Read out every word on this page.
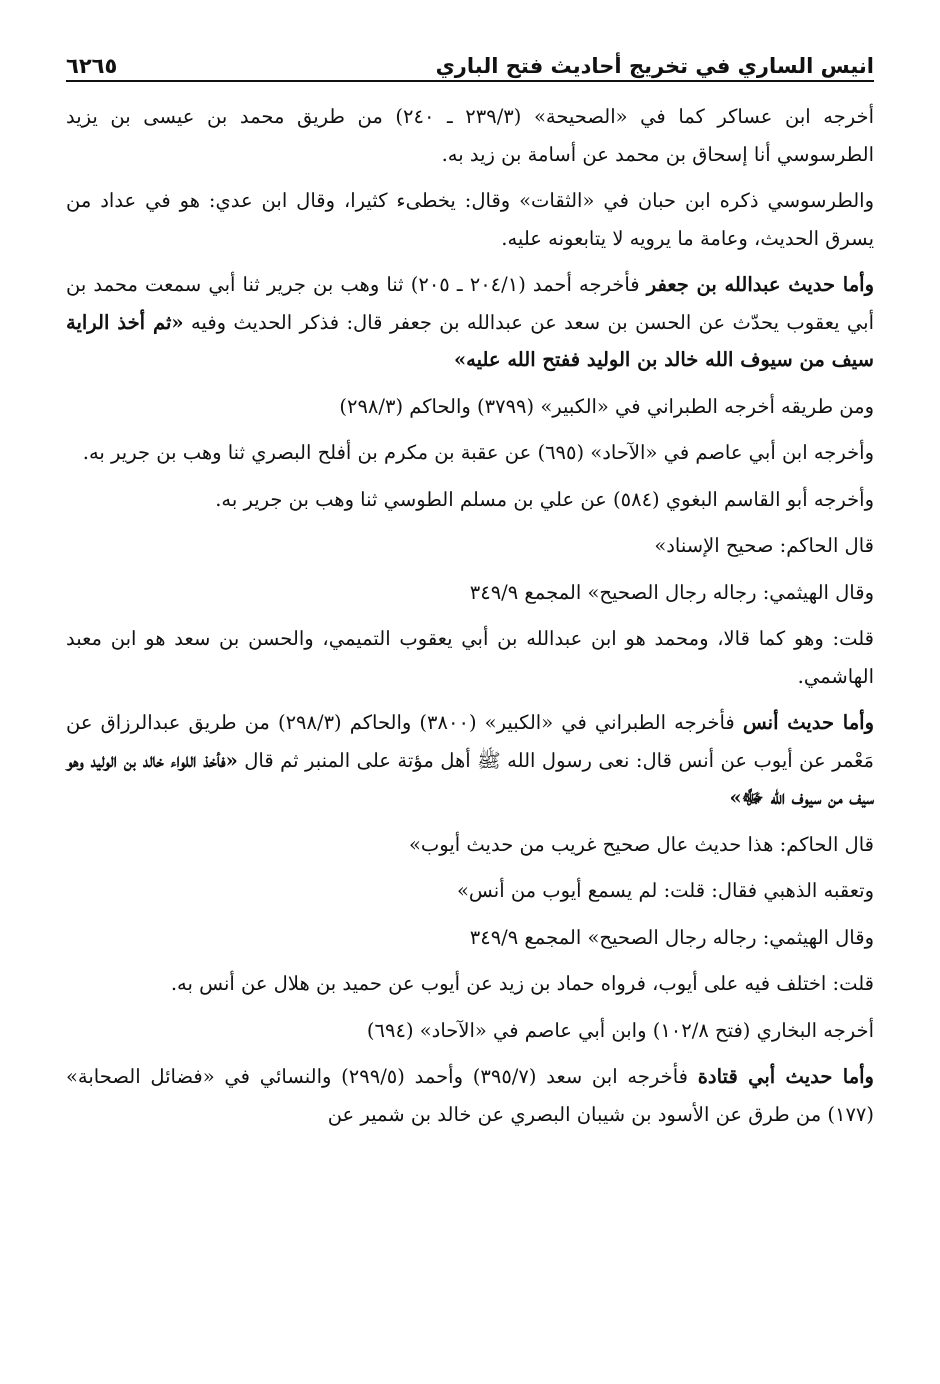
انيس الساري في تخريج أحاديث فتح الباري
٦٢٦٥

أخرجه ابن عساكر كما في «الصحيحة» (٢٣٩/٣ ـ ٢٤٠) من طريق محمد بن عيسى بن يزيد الطرسوسي أنا إسحاق بن محمد عن أسامة بن زيد به.

والطرسوسي ذكره ابن حبان في «الثقات» وقال: يخطىء كثيرا، وقال ابن عدي: هو في عداد من يسرق الحديث، وعامة ما يرويه لا يتابعونه عليه.

وأما حديث عبدالله بن جعفر فأخرجه أحمد (٢٠٤/١ ـ ٢٠٥) ثنا وهب بن جرير ثنا أبي سمعت محمد بن أبي يعقوب يحدّث عن الحسن بن سعد عن عبدالله بن جعفر قال: فذكر الحديث وفيه «ثم أخذ الراية سيف من سيوف الله خالد بن الوليد ففتح الله عليه»

ومن طريقه أخرجه الطبراني في «الكبير» (٣٧٩٩) والحاكم (٢٩٨/٣)

وأخرجه ابن أبي عاصم في «الآحاد» (٦٩٥) عن عقبة بن مكرم بن أفلح البصري ثنا وهب بن جرير به.

وأخرجه أبو القاسم البغوي (٥٨٤) عن علي بن مسلم الطوسي ثنا وهب بن جرير به.

قال الحاكم: صحيح الإسناد»

وقال الهيثمي: رجاله رجال الصحيح» المجمع ٣٤٩/٩

قلت: وهو كما قالا، ومحمد هو ابن عبدالله بن أبي يعقوب التميمي، والحسن بن سعد هو ابن معبد الهاشمي.

وأما حديث أنس فأخرجه الطبراني في «الكبير» (٣٨٠٠) والحاكم (٢٩٨/٣) من طريق عبدالرزاق عن مَعْمر عن أيوب عن أنس قال: نعى رسول الله ﷺ أهل مؤتة على المنبر ثم قال «فأخذ اللواء خالد بن الوليد وهو سيف من سيوف الله ﷻ»

قال الحاكم: هذا حديث عال صحيح غريب من حديث أيوب»

وتعقبه الذهبي فقال: قلت: لم يسمع أيوب من أنس»

وقال الهيثمي: رجاله رجال الصحيح» المجمع ٣٤٩/٩

قلت: اختلف فيه على أيوب، فرواه حماد بن زيد عن أيوب عن حميد بن هلال عن أنس به.

أخرجه البخاري (فتح ١٠٢/٨) وابن أبي عاصم في «الآحاد» (٦٩٤)

وأما حديث أبي قتادة فأخرجه ابن سعد (٣٩٥/٧) وأحمد (٢٩٩/٥) والنسائي في «فضائل الصحابة» (١٧٧) من طرق عن الأسود بن شيبان البصري عن خالد بن شمير عن
